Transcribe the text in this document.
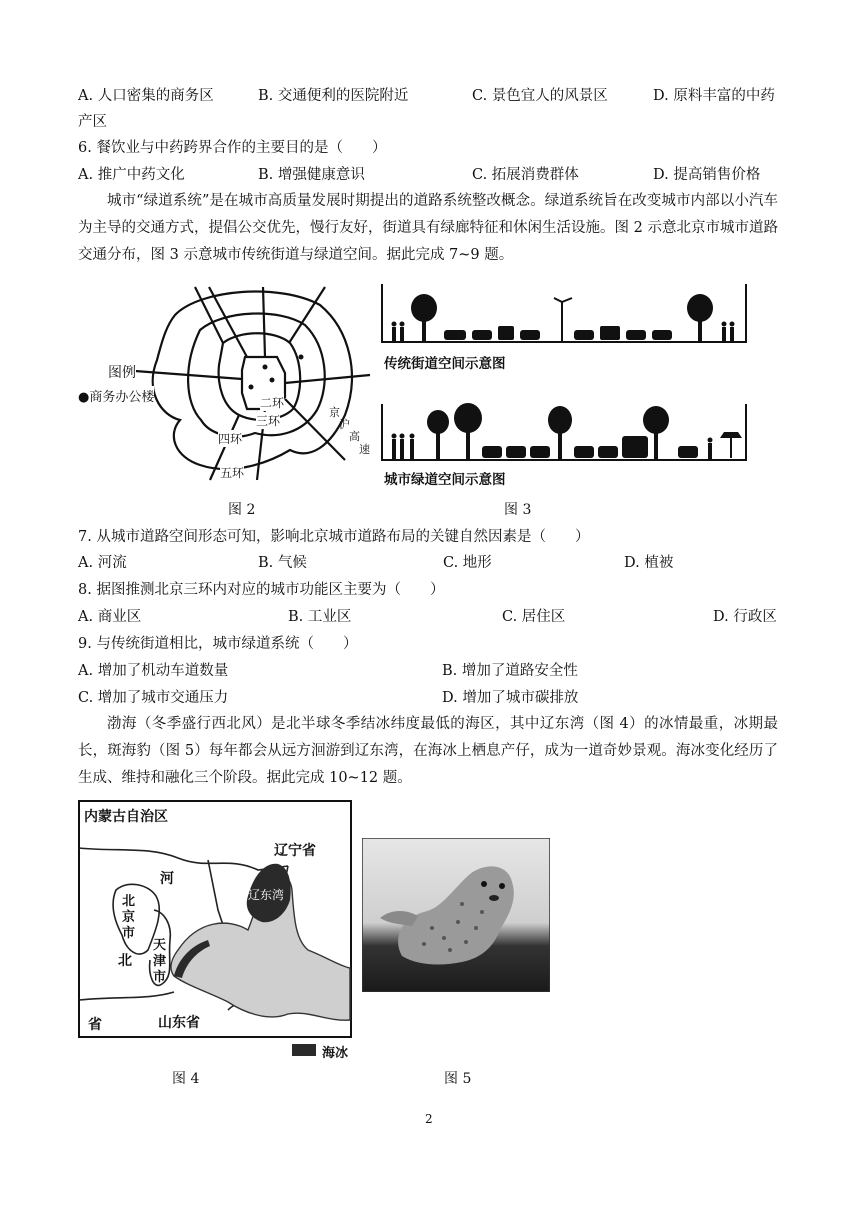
A. 人口密集的商务区	B. 交通便利的医院附近	C. 景色宜人的风景区	D. 原料丰富的中药
产区
6. 餐饮业与中药跨界合作的主要目的是（　　）
A. 推广中药文化	B. 增强健康意识	C. 拓展消费群体	D. 提高销售价格
城市“绿道系统”是在城市高质量发展时期提出的道路系统整改概念。绿道系统旨在改变城市内部以小汽车为主导的交通方式，提倡公交优先，慢行友好，街道具有绿廊特征和休闲生活设施。图 2 示意北京市城市道路交通分布，图 3 示意城市传统街道与绿道空间。据此完成 7~9 题。
图例
●商务办公楼	二环
三环
四环
五环
京
沪
高
速
图 2
传统街道空间示意图
城市绿道空间示意图
图 3
7. 从城市道路空间形态可知，影响北京城市道路布局的关键自然因素是（　　）
A. 河流	B. 气候	C. 地形	D. 植被
8. 据图推测北京三环内对应的城市功能区主要为（　　）
A. 商业区	B. 工业区	C. 居住区	D. 行政区
9. 与传统街道相比，城市绿道系统（　　）
A. 增加了机动车道数量	B. 增加了道路安全性
C. 增加了城市交通压力	D. 增加了城市碳排放
渤海（冬季盛行西北风）是北半球冬季结冰纬度最低的海区，其中辽东湾（图 4）的冰情最重，冰期最长，斑海豹（图 5）每年都会从远方洄游到辽东湾，在海冰上栖息产仔，成为一道奇妙景观。海冰变化经历了生成、维持和融化三个阶段。据此完成 10~12 题。
内蒙古自治区
辽宁省
辽东湾
河
北
省
北
京
市
天
津
市
山东省
海冰
图 4	图 5
2
